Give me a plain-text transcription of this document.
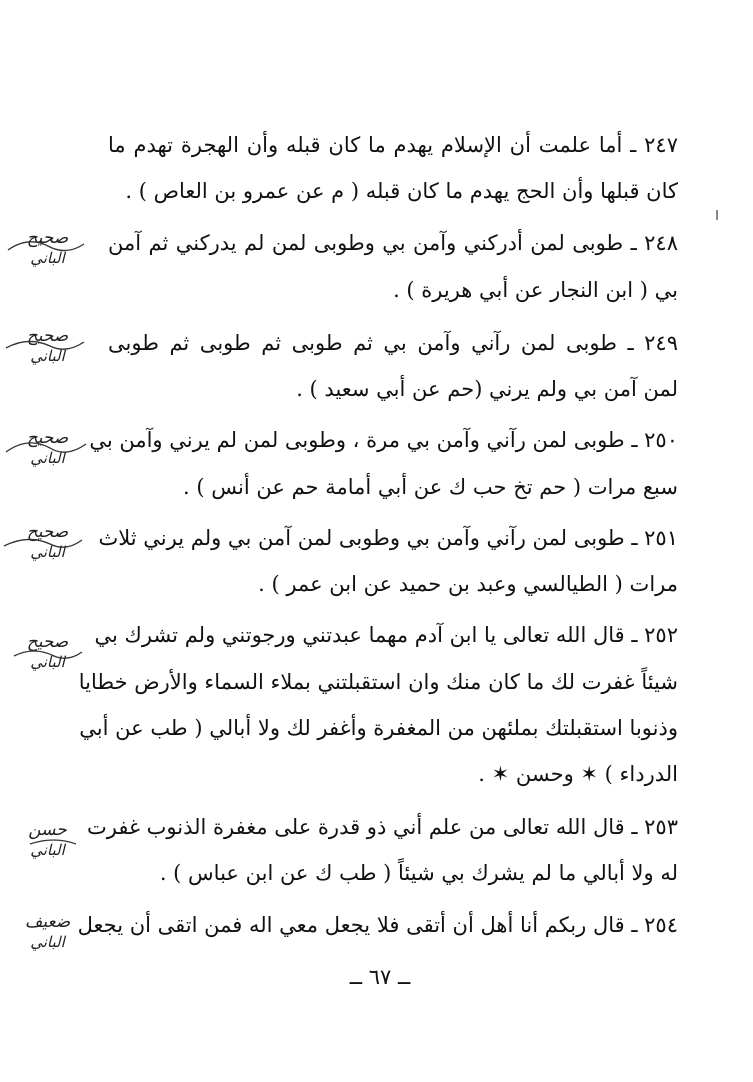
٢٤٧ ـ أما علمت أن الإسلام يهدم ما كان قبله وأن الهجرة تهدم ما
كان قبلها وأن الحج يهدم ما كان قبله ( م عن عمرو بن العاص ) .
٢٤٨ ـ طوبى لمن أدركني وآمن بي وطوبى لمن لم يدركني ثم آمن
بي ( ابن النجار عن أبي هريرة ) .
٢٤٩ ـ طوبى لمن رآني وآمن بي ثم طوبى ثم طوبى ثم طوبى
لمن آمن بي ولم يرني (حم عن أبي سعيد ) .
٢٥٠ ـ طوبى لمن رآني وآمن بي مرة ، وطوبى لمن لم يرني وآمن بي
سبع مرات ( حم تخ حب ك عن أبي أمامة حم عن أنس ) .
٢٥١ ـ طوبى لمن رآني وآمن بي وطوبى لمن آمن بي ولم يرني ثلاث
مرات ( الطيالسي وعبد بن حميد عن ابن عمر ) .
٢٥٢ ـ قال الله تعالى يا ابن آدم مهما عبدتني ورجوتني ولم تشرك بي
شيئاً غفرت لك ما كان منك وان استقبلتني بملاء السماء والأرض خطايا
وذنوبا استقبلتك بملئهن من المغفرة وأغفر لك ولا أبالي ( طب عن أبي
الدرداء ) ✶ وحسن ✶ .
٢٥٣ ـ قال الله تعالى من علم أني ذو قدرة على مغفرة الذنوب غفرت
له ولا أبالي ما لم يشرك بي شيئاً ( طب ك عن ابن عباس ) .
٢٥٤ ـ قال ربكم أنا أهل أن أتقى فلا يجعل معي اله فمن اتقى أن يجعل
صحيح
الباني
صحيح
الباني
صحيح
الباني
صحيح
الباني
صحيح
الباني
حسن
الباني
ضعيف
الباني
ــ ٦٧ ــ
